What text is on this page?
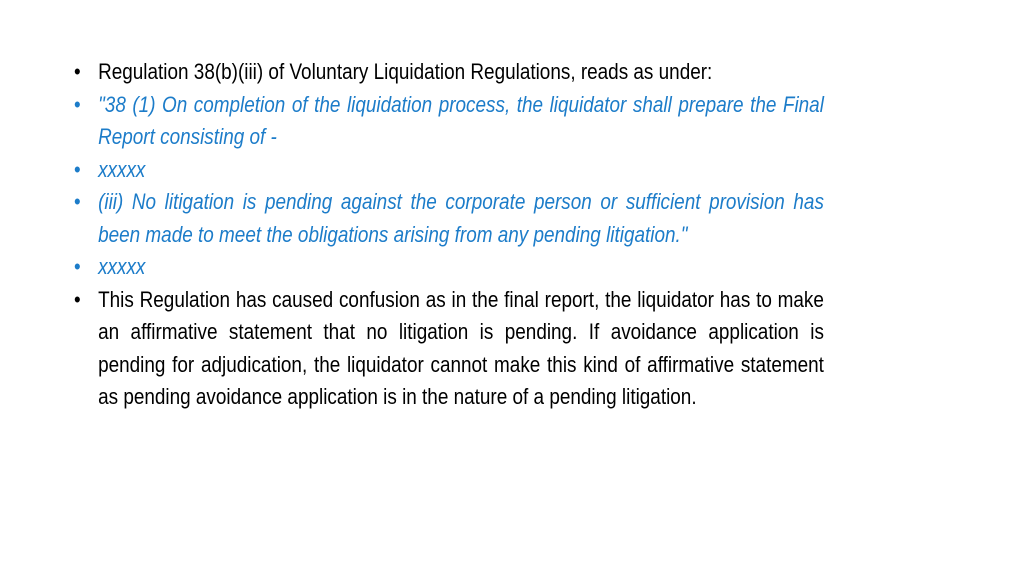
• Regulation 38(b)(iii) of Voluntary Liquidation Regulations, reads as under:
• "38 (1) On completion of the liquidation process, the liquidator shall prepare the Final Report consisting of -
• xxxxx
• (iii) No litigation is pending against the corporate person or sufficient provision has been made to meet the obligations arising from any pending litigation."
• xxxxx
• This Regulation has caused confusion as in the final report, the liquidator has to make an affirmative statement that no litigation is pending. If avoidance application is pending for adjudication, the liquidator cannot make this kind of affirmative statement as pending avoidance application is in the nature of a pending litigation.
